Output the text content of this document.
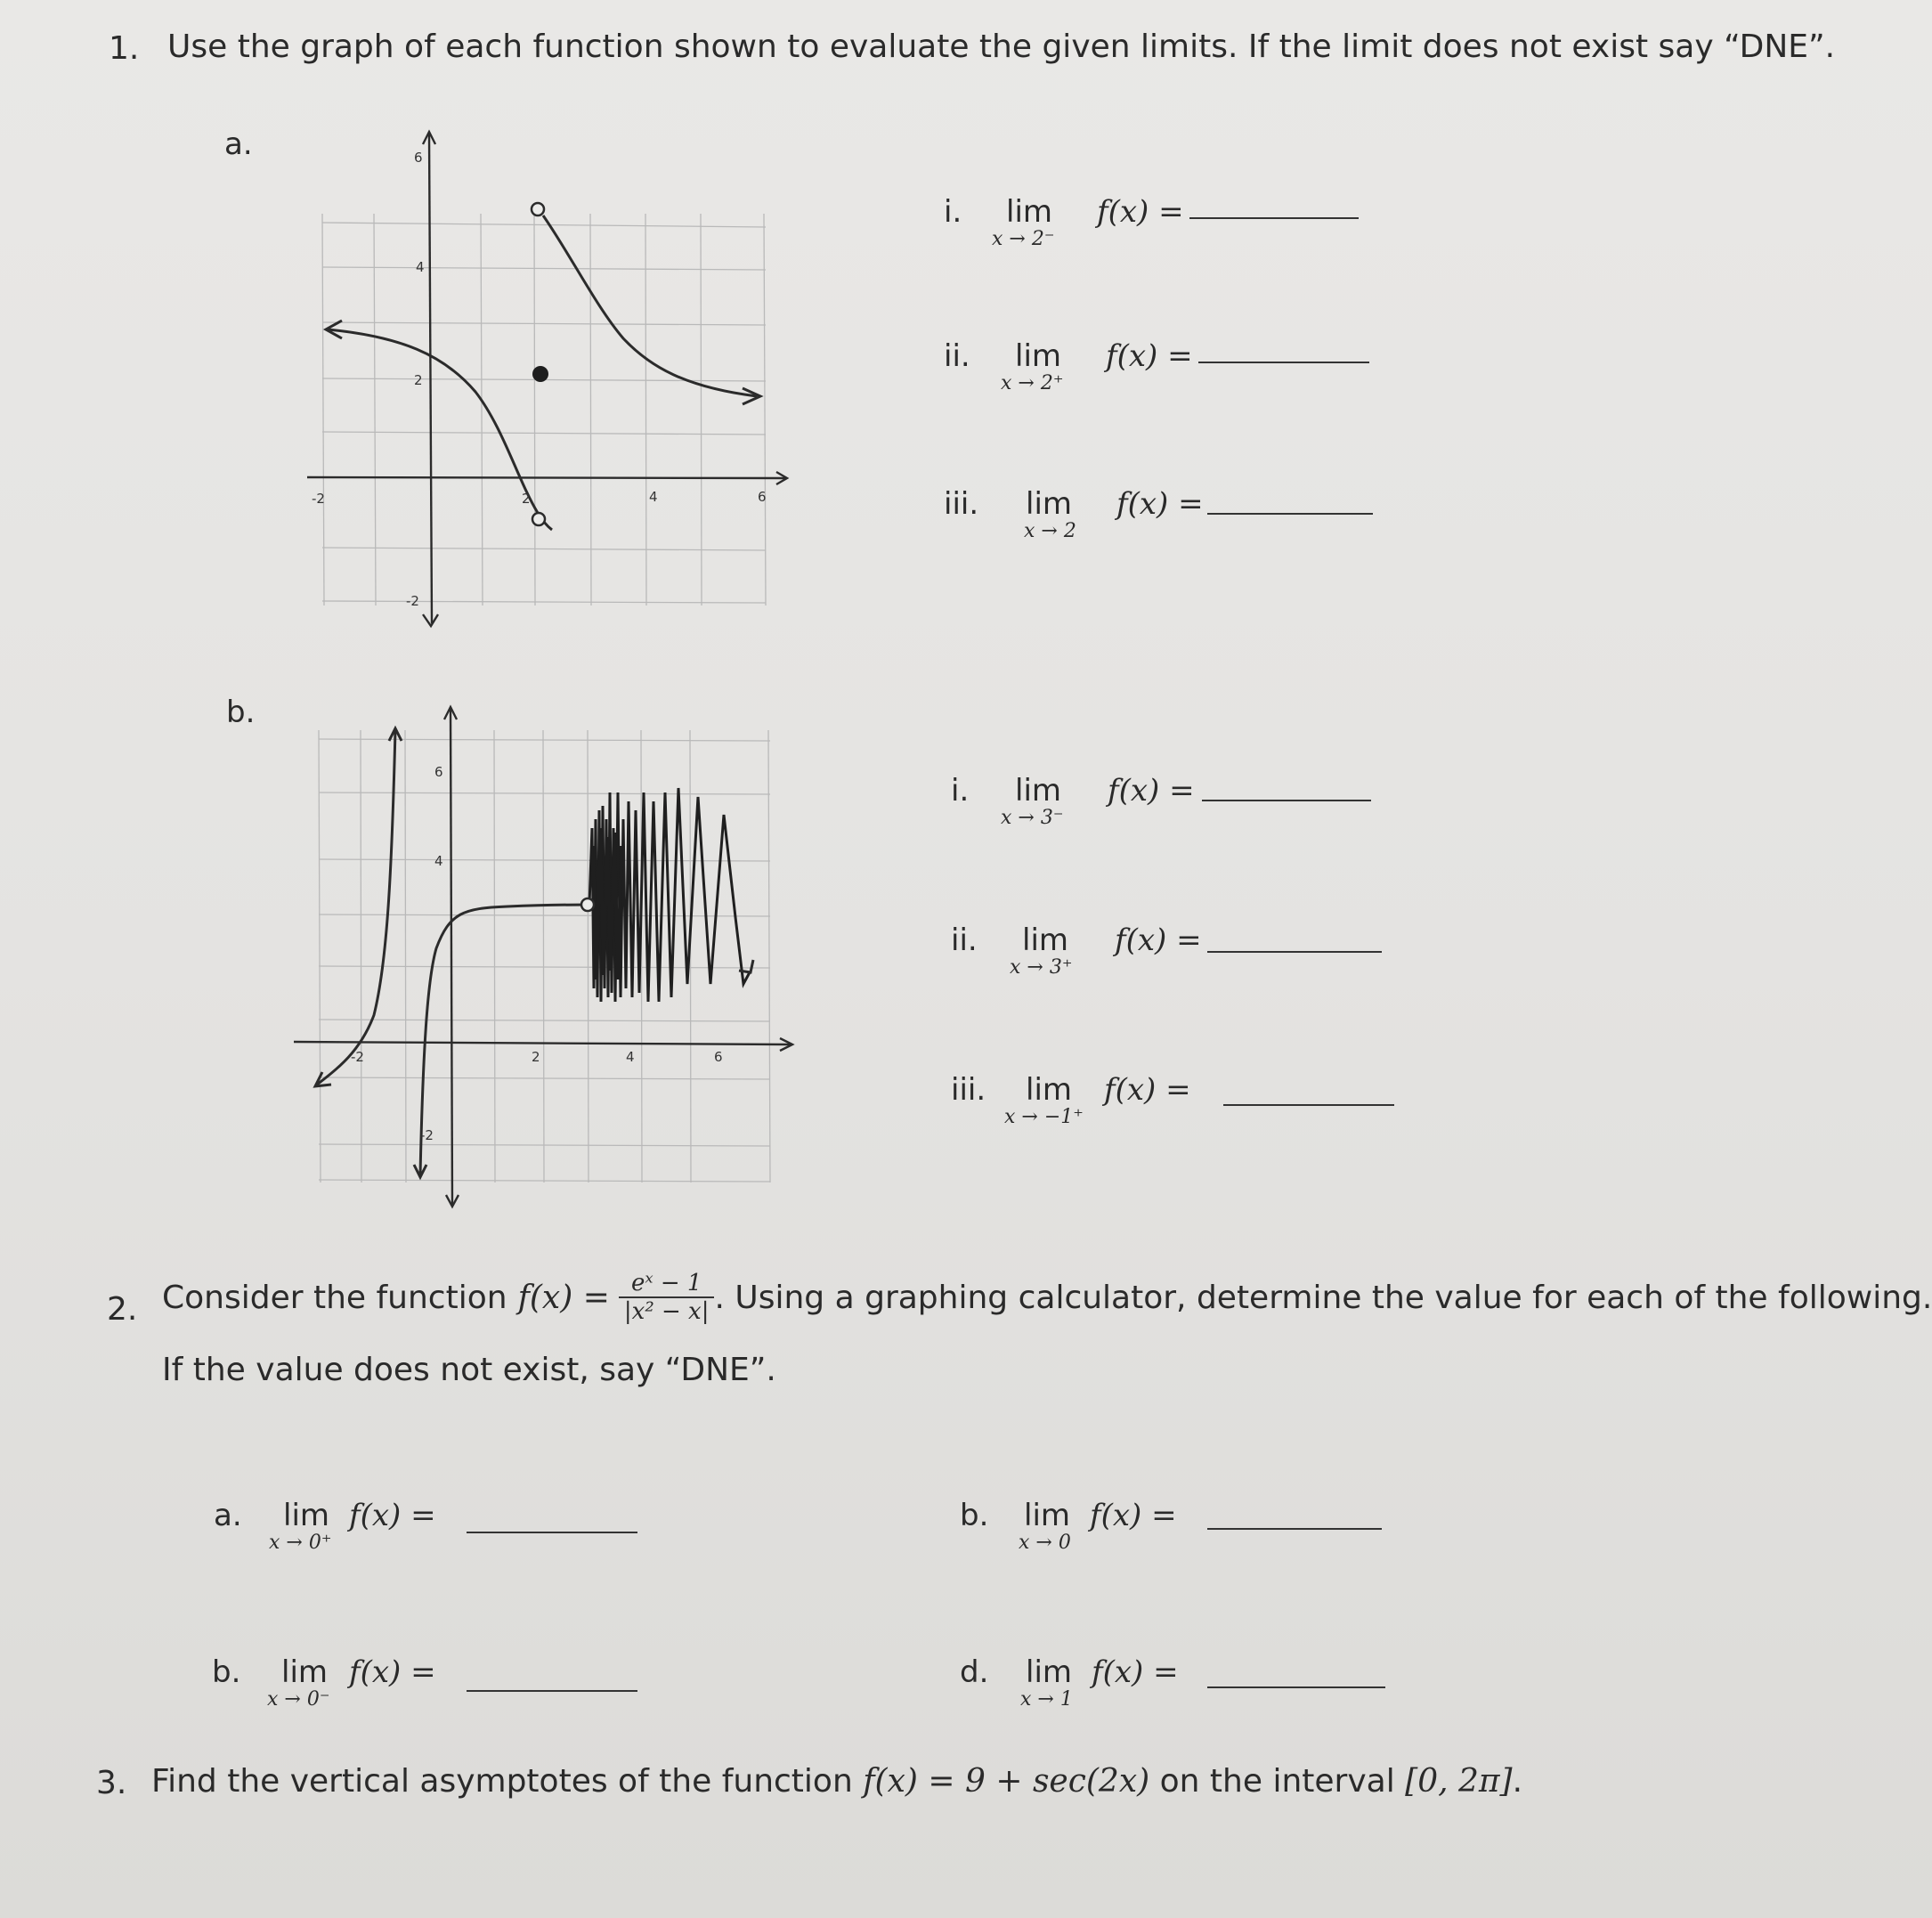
1. Use the graph of each function shown to evaluate the given limits. If the limit does not exist say “DNE”.
a.	6
4
2
-2
-2	2	4	6
i. lim
x → 2⁻
f(x) =
ii. lim
x → 2⁺
f(x) =
iii. lim
x → 2
f(x) =
b.
6
4
-2
-2	2	4	6
i. lim
x → 3⁻
f(x) =
ii. lim
x → 3⁺
f(x) =
iii. lim
x → −1⁺
f(x) =
2. Consider the function $f(x) = \frac{\text{eˣ − 1}}{\text{|x² − x|}}$ . Using a graphing calculator, determine the value for each of the following.
If the value does not exist, say “DNE”.
a. lim
x → 0⁺
f(x) =	b. lim
x → 0
f(x) =
b. lim
x → 0⁻
f(x) =	d. lim
x → 1
f(x) =
3. Find the vertical asymptotes of the function f(x) = 9 + sec(2x) on the interval [0, 2π].
